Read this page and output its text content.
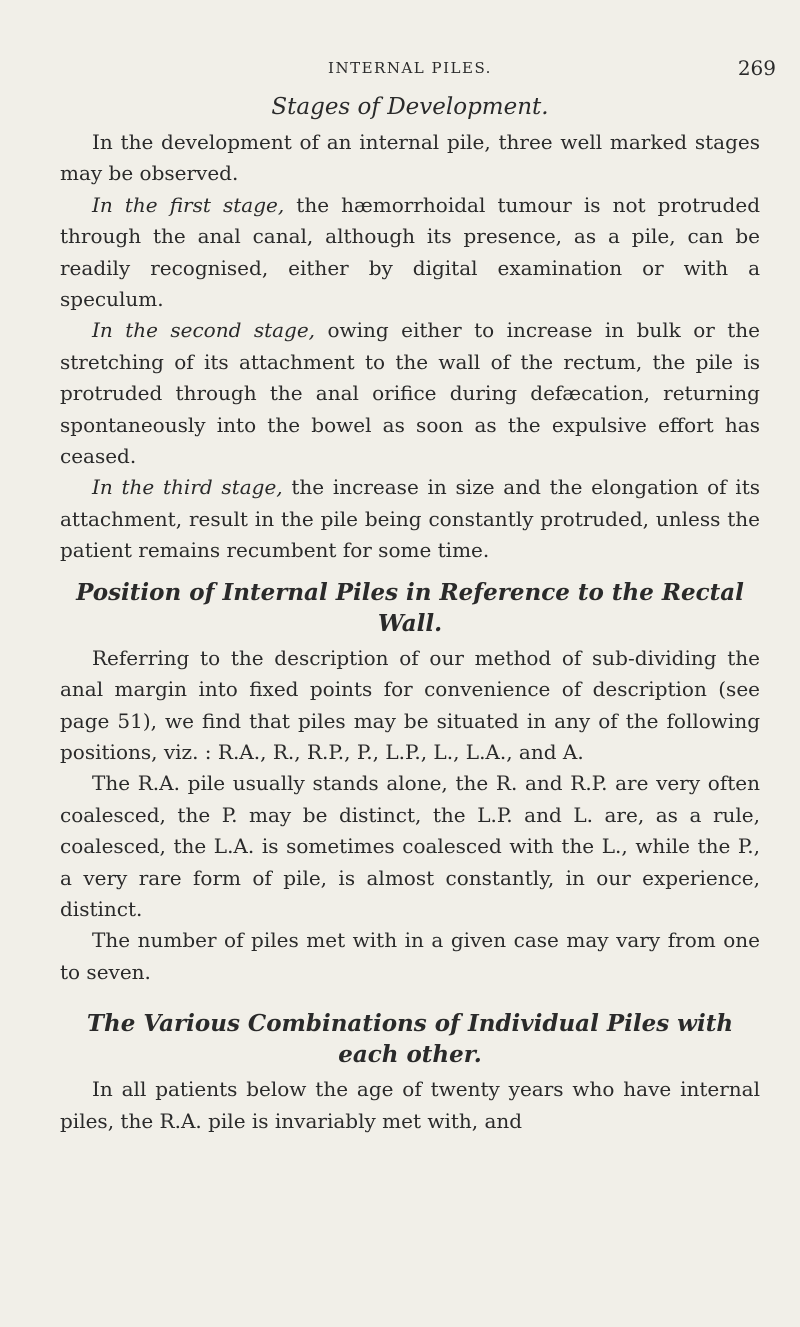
INTERNAL PILES.	269
Stages of Development.

In the development of an internal pile, three well marked stages may be observed.

In the first stage, the hæmorrhoidal tumour is not protruded through the anal canal, although its presence, as a pile, can be readily recognised, either by digital examination or with a speculum.

In the second stage, owing either to increase in bulk or the stretching of its attachment to the wall of the rectum, the pile is protruded through the anal orifice during defæcation, returning spontaneously into the bowel as soon as the expulsive effort has ceased.

In the third stage, the increase in size and the elongation of its attachment, result in the pile being constantly protruded, unless the patient remains recumbent for some time.

Position of Internal Piles in Reference to the Rectal Wall.

Referring to the description of our method of sub-dividing the anal margin into fixed points for convenience of description (see page 51), we find that piles may be situated in any of the following positions, viz. : R.A., R., R.P., P., L.P., L., L.A., and A.

The R.A. pile usually stands alone, the R. and R.P. are very often coalesced, the P. may be distinct, the L.P. and L. are, as a rule, coalesced, the L.A. is sometimes coalesced with the L., while the P., a very rare form of pile, is almost constantly, in our experience, distinct.

The number of piles met with in a given case may vary from one to seven.

The Various Combinations of Individual Piles with each other.

In all patients below the age of twenty years who have internal piles, the R.A. pile is invariably met with, and
